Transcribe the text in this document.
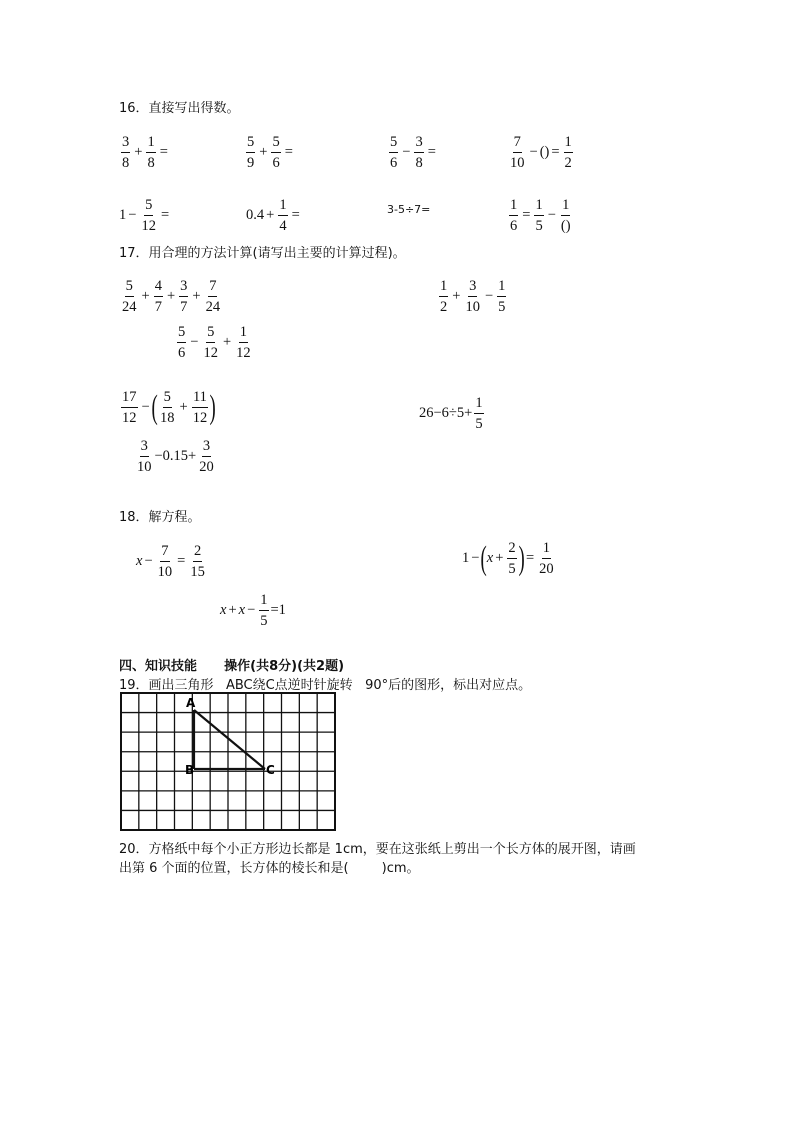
16．直接写出得数。
$\frac{3}{8} + \frac{1}{8}$ =	$\frac{5}{9} + \frac{5}{6}$ =	$\frac{5}{6} - \frac{3}{8}$ =	$\frac{7}{10}$ − () = $\frac{1}{2}$
$1 - \frac{5}{12}$ =	$0.4 + \frac{1}{4}$ =	3-5÷7=	$\frac{1}{6} = \frac{1}{5} - \frac{1}{()}$
17．用合理的方法计算(请写出主要的计算过程)。
$\frac{5}{24} + \frac{4}{7} + \frac{3}{7} + \frac{7}{24}$	$\frac{1}{2} + \frac{3}{10} - \frac{1}{5}$
$\frac{5}{6} - \frac{5}{12} + \frac{1}{12}$
$\frac{17}{12}$ − ( $\frac{5}{18} + \frac{11}{12}$ )	$26-6\div 5+ \frac{1}{5}$
$\frac{3}{10} -0.15+ \frac{3}{20}$
18．解方程。
$x - \frac{7}{10} = \frac{2}{15}$	1 − ( $x + \frac{2}{5}$ ) = $\frac{1}{20}$
$x + x - \frac{1}{5} =1$
四、知识技能      操作(共8分)(共2题)
19．画出三角形   ABC绕C点逆时针旋转   90°后的图形，标出对应点。
A
B	C
20．方格纸中每个小正方形边长都是 1cm，要在这张纸上剪出一个长方体的展开图，请画
出第 6 个面的位置，长方体的棱长和是(        )cm。
